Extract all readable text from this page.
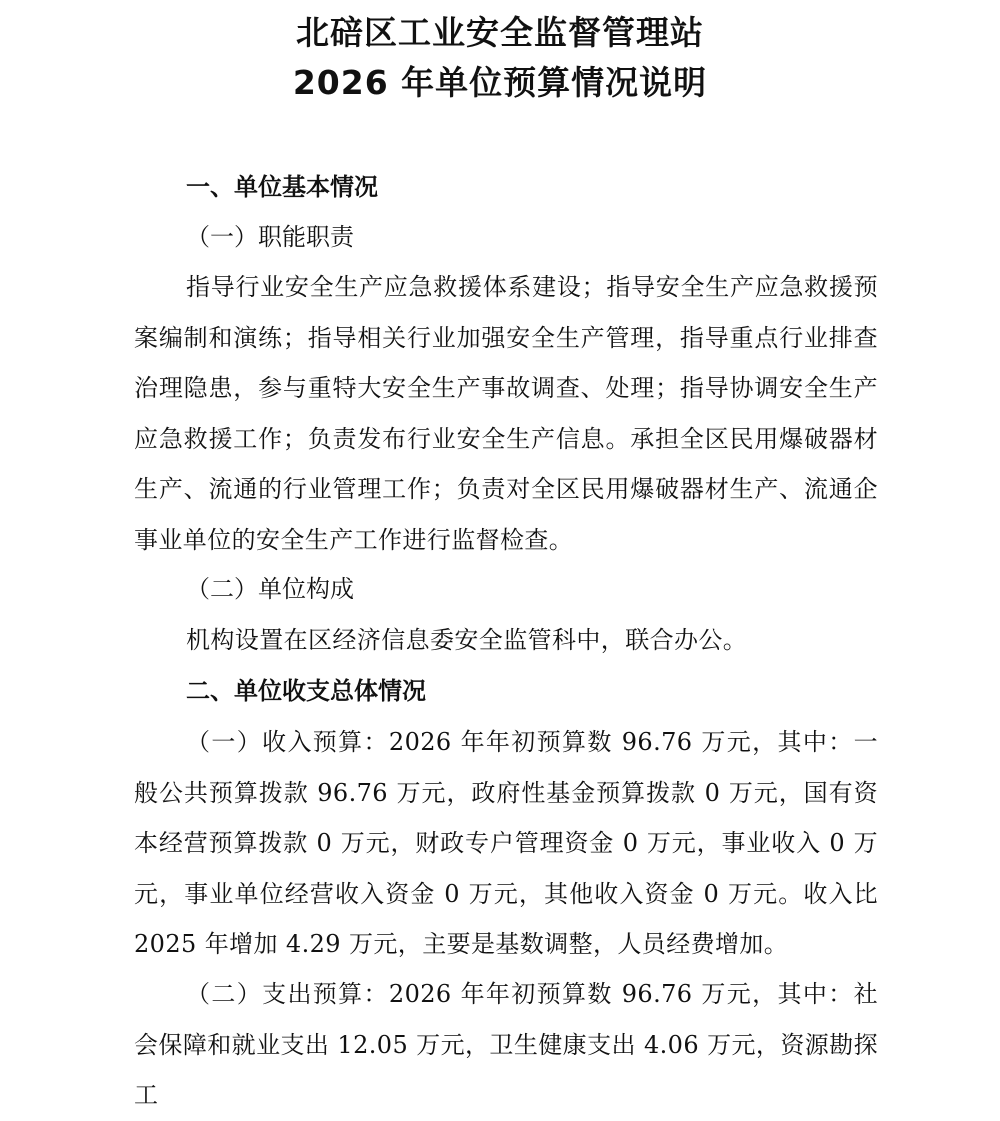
北碚区工业安全监督管理站
2026 年单位预算情况说明
一、单位基本情况
（一）职能职责

指导行业安全生产应急救援体系建设；指导安全生产应急救援预案编制和演练；指导相关行业加强安全生产管理，指导重点行业排查治理隐患，参与重特大安全生产事故调查、处理；指导协调安全生产应急救援工作；负责发布行业安全生产信息。承担全区民用爆破器材生产、流通的行业管理工作；负责对全区民用爆破器材生产、流通企事业单位的安全生产工作进行监督检查。

（二）单位构成

机构设置在区经济信息委安全监管科中，联合办公。

二、单位收支总体情况

（一）收入预算：2026 年年初预算数 96.76 万元，其中：一般公共预算拨款 96.76 万元，政府性基金预算拨款 0 万元，国有资本经营预算拨款 0 万元，财政专户管理资金 0 万元，事业收入 0 万元，事业单位经营收入资金 0 万元，其他收入资金 0 万元。收入比 2025 年增加 4.29 万元，主要是基数调整，人员经费增加。

（二）支出预算：2026 年年初预算数 96.76 万元，其中：社会保障和就业支出 12.05 万元，卫生健康支出 4.06 万元，资源勘探工
